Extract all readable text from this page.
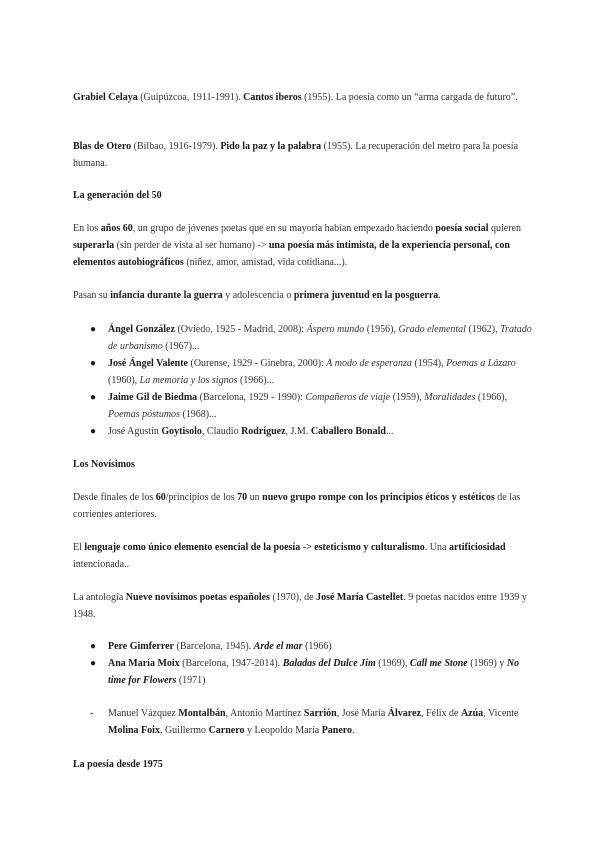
Grabiel Celaya (Guipúzcoa, 1911-1991). Cantos iberos (1955). La poesía como un “arma cargada de futuro”.

Blas de Otero (Bilbao, 1916-1979). Pido la paz y la palabra (1955). La recuperación del metro para la poesía humana.

La generación del 50

En los años 60, un grupo de jóvenes poetas que en su mayoría habían empezado haciendo poesía social quieren superarla (sin perder de vista al ser humano) -> una poesía más intimista, de la experiencia personal, con elementos autobiográficos (niñez, amor, amistad, vida cotidiana...).

Pasan su infancia durante la guerra y adolescencia o primera juventud en la posguerra.

● Ángel González (Oviedo, 1925 - Madrid, 2008): Áspero mundo (1956), Grado elemental (1962), Tratado de urbanismo (1967)...
● José Ángel Valente (Ourense, 1929 - Ginebra, 2000): A modo de esperanza (1954), Poemas a Lázaro (1960), La memoria y los signos (1966)...
● Jaime Gil de Biedma (Barcelona, 1929 - 1990): Compañeros de viaje (1959), Moralidades (1966), Poemas póstumos (1968)...
● José Agustín Goytisolo, Claudio Rodríguez, J.M. Caballero Bonald...

Los Novísimos

Desde finales de los 60/principios de los 70 un nuevo grupo rompe con los principios éticos y estéticos de las corrientes anteriores.

El lenguaje como único elemento esencial de la poesía -> esteticismo y culturalismo. Una artificiosidad intencionada..

La antología Nueve novísimos poetas españoles (1970), de José María Castellet. 9 poetas nacidos entre 1939 y 1948.

● Pere Gimferrer (Barcelona, 1945). Arde el mar (1966)
● Ana María Moix (Barcelona, 1947-2014). Baladas del Dulce Jim (1969), Call me Stone (1969) y No time for Flowers (1971)
- Manuel Vázquez Montalbán, Antonio Martínez Sarrión, José María Álvarez, Félix de Azúa, Vicente Molina Foix, Guillermo Carnero y Leopoldo María Panero.

La poesía desde 1975
